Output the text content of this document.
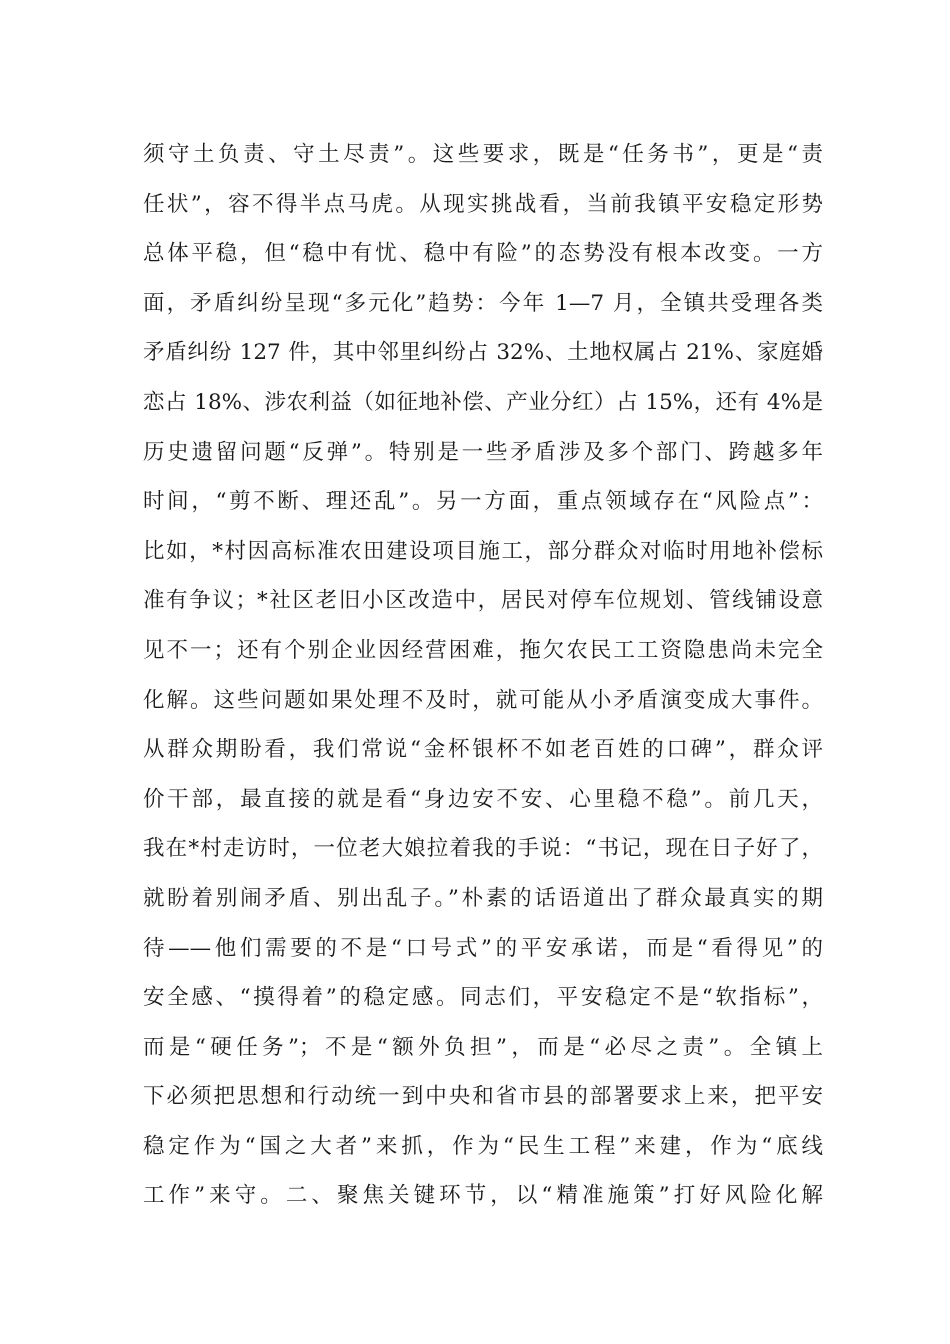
须守土负责、守土尽责”。这些要求，既是“任务书”，更是“责
任状”，容不得半点马虎。从现实挑战看，当前我镇平安稳定形势
总体平稳，但“稳中有忧、稳中有险”的态势没有根本改变。一方
面，矛盾纠纷呈现“多元化”趋势：今年 1—7 月，全镇共受理各类
矛盾纠纷 127 件，其中邻里纠纷占 32%、土地权属占 21%、家庭婚
恋占 18%、涉农利益（如征地补偿、产业分红）占 15%，还有 4%是
历史遗留问题“反弹”。特别是一些矛盾涉及多个部门、跨越多年
时间，“剪不断、理还乱”。另一方面，重点领域存在“风险点”：
比如，*村因高标准农田建设项目施工，部分群众对临时用地补偿标
准有争议；*社区老旧小区改造中，居民对停车位规划、管线铺设意
见不一；还有个别企业因经营困难，拖欠农民工工资隐患尚未完全
化解。这些问题如果处理不及时，就可能从小矛盾演变成大事件。
从群众期盼看，我们常说“金杯银杯不如老百姓的口碑”，群众评
价干部，最直接的就是看“身边安不安、心里稳不稳”。前几天，
我在*村走访时，一位老大娘拉着我的手说：“书记，现在日子好了，
就盼着别闹矛盾、别出乱子。”朴素的话语道出了群众最真实的期
待——他们需要的不是“口号式”的平安承诺，而是“看得见”的
安全感、“摸得着”的稳定感。同志们，平安稳定不是“软指标”，
而是“硬任务”；不是“额外负担”，而是“必尽之责”。全镇上
下必须把思想和行动统一到中央和省市县的部署要求上来，把平安
稳定作为“国之大者”来抓，作为“民生工程”来建，作为“底线
工作”来守。二、聚焦关键环节，以“精准施策”打好风险化解
